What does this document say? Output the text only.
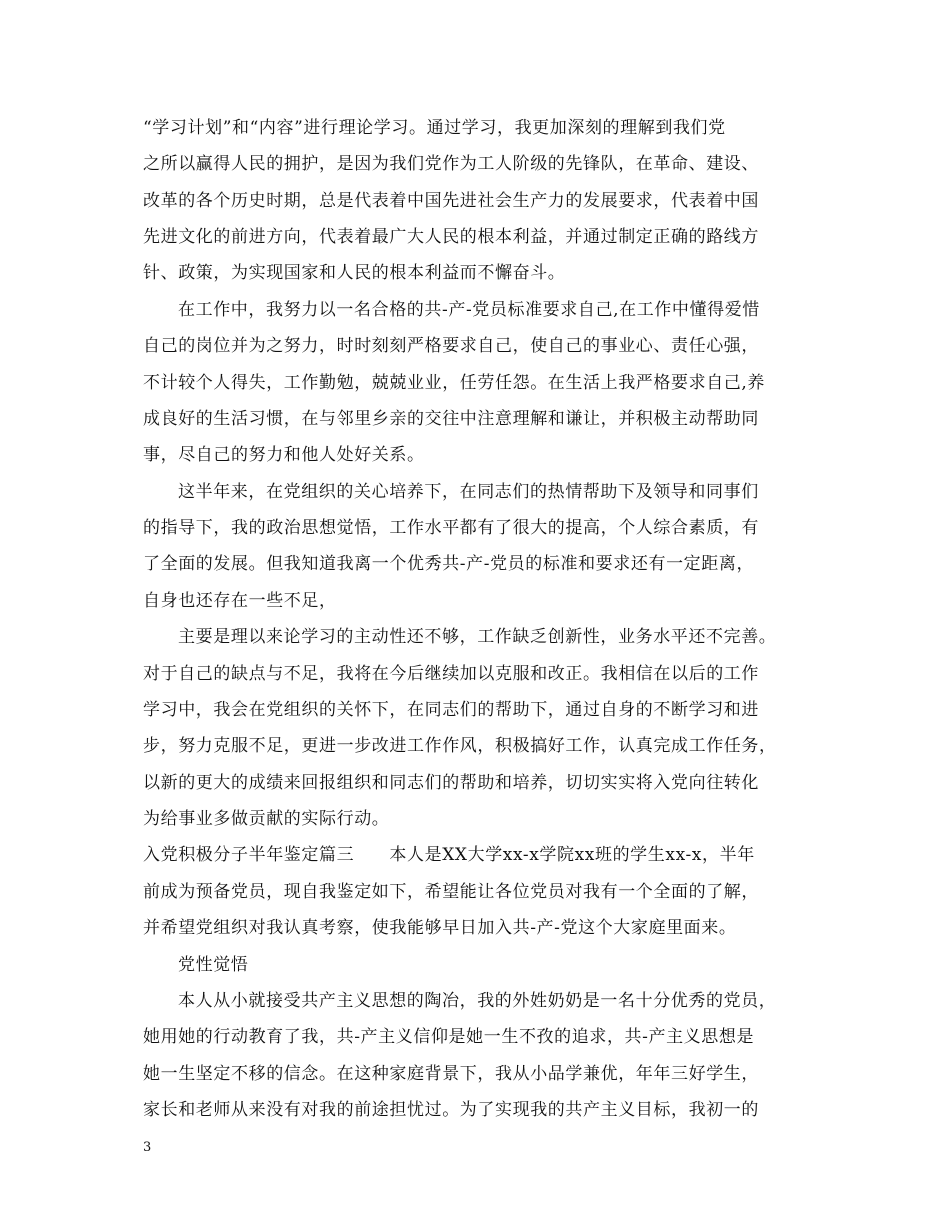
“学习计划”和“内容”进行理论学习。通过学习，我更加深刻的理解到我们党
之所以赢得人民的拥护，是因为我们党作为工人阶级的先锋队，在革命、建设、
改革的各个历史时期，总是代表着中国先进社会生产力的发展要求，代表着中国
先进文化的前进方向，代表着最广大人民的根本利益，并通过制定正确的路线方
针、政策，为实现国家和人民的根本利益而不懈奋斗。
在工作中，我努力以一名合格的共-产-党员标准要求自己,在工作中懂得爱惜
自己的岗位并为之努力，时时刻刻严格要求自己，使自己的事业心、责任心强，
不计较个人得失，工作勤勉，兢兢业业，任劳任怨。在生活上我严格要求自己,养
成良好的生活习惯，在与邻里乡亲的交往中注意理解和谦让，并积极主动帮助同
事，尽自己的努力和他人处好关系。
这半年来，在党组织的关心培养下，在同志们的热情帮助下及领导和同事们
的指导下，我的政治思想觉悟，工作水平都有了很大的提高，个人综合素质，有
了全面的发展。但我知道我离一个优秀共-产-党员的标准和要求还有一定距离，
自身也还存在一些不足，
主要是理以来论学习的主动性还不够，工作缺乏创新性，业务水平还不完善。
对于自己的缺点与不足，我将在今后继续加以克服和改正。我相信在以后的工作
学习中，我会在党组织的关怀下，在同志们的帮助下，通过自身的不断学习和进
步，努力克服不足，更进一步改进工作作风，积极搞好工作，认真完成工作任务，
以新的更大的成绩来回报组织和同志们的帮助和培养，切切实实将入党向往转化
为给事业多做贡献的实际行动。
入党积极分子半年鉴定篇三　　本人是XX大学xx-x学院xx班的学生xx-x，半年
前成为预备党员，现自我鉴定如下，希望能让各位党员对我有一个全面的了解，
并希望党组织对我认真考察，使我能够早日加入共-产-党这个大家庭里面来。
党性觉悟
本人从小就接受共产主义思想的陶冶，我的外姓奶奶是一名十分优秀的党员，
她用她的行动教育了我，共-产主义信仰是她一生不孜的追求，共-产主义思想是
她一生坚定不移的信念。在这种家庭背景下，我从小品学兼优，年年三好学生，
家长和老师从来没有对我的前途担忧过。为了实现我的共产主义目标，我初一的
3
